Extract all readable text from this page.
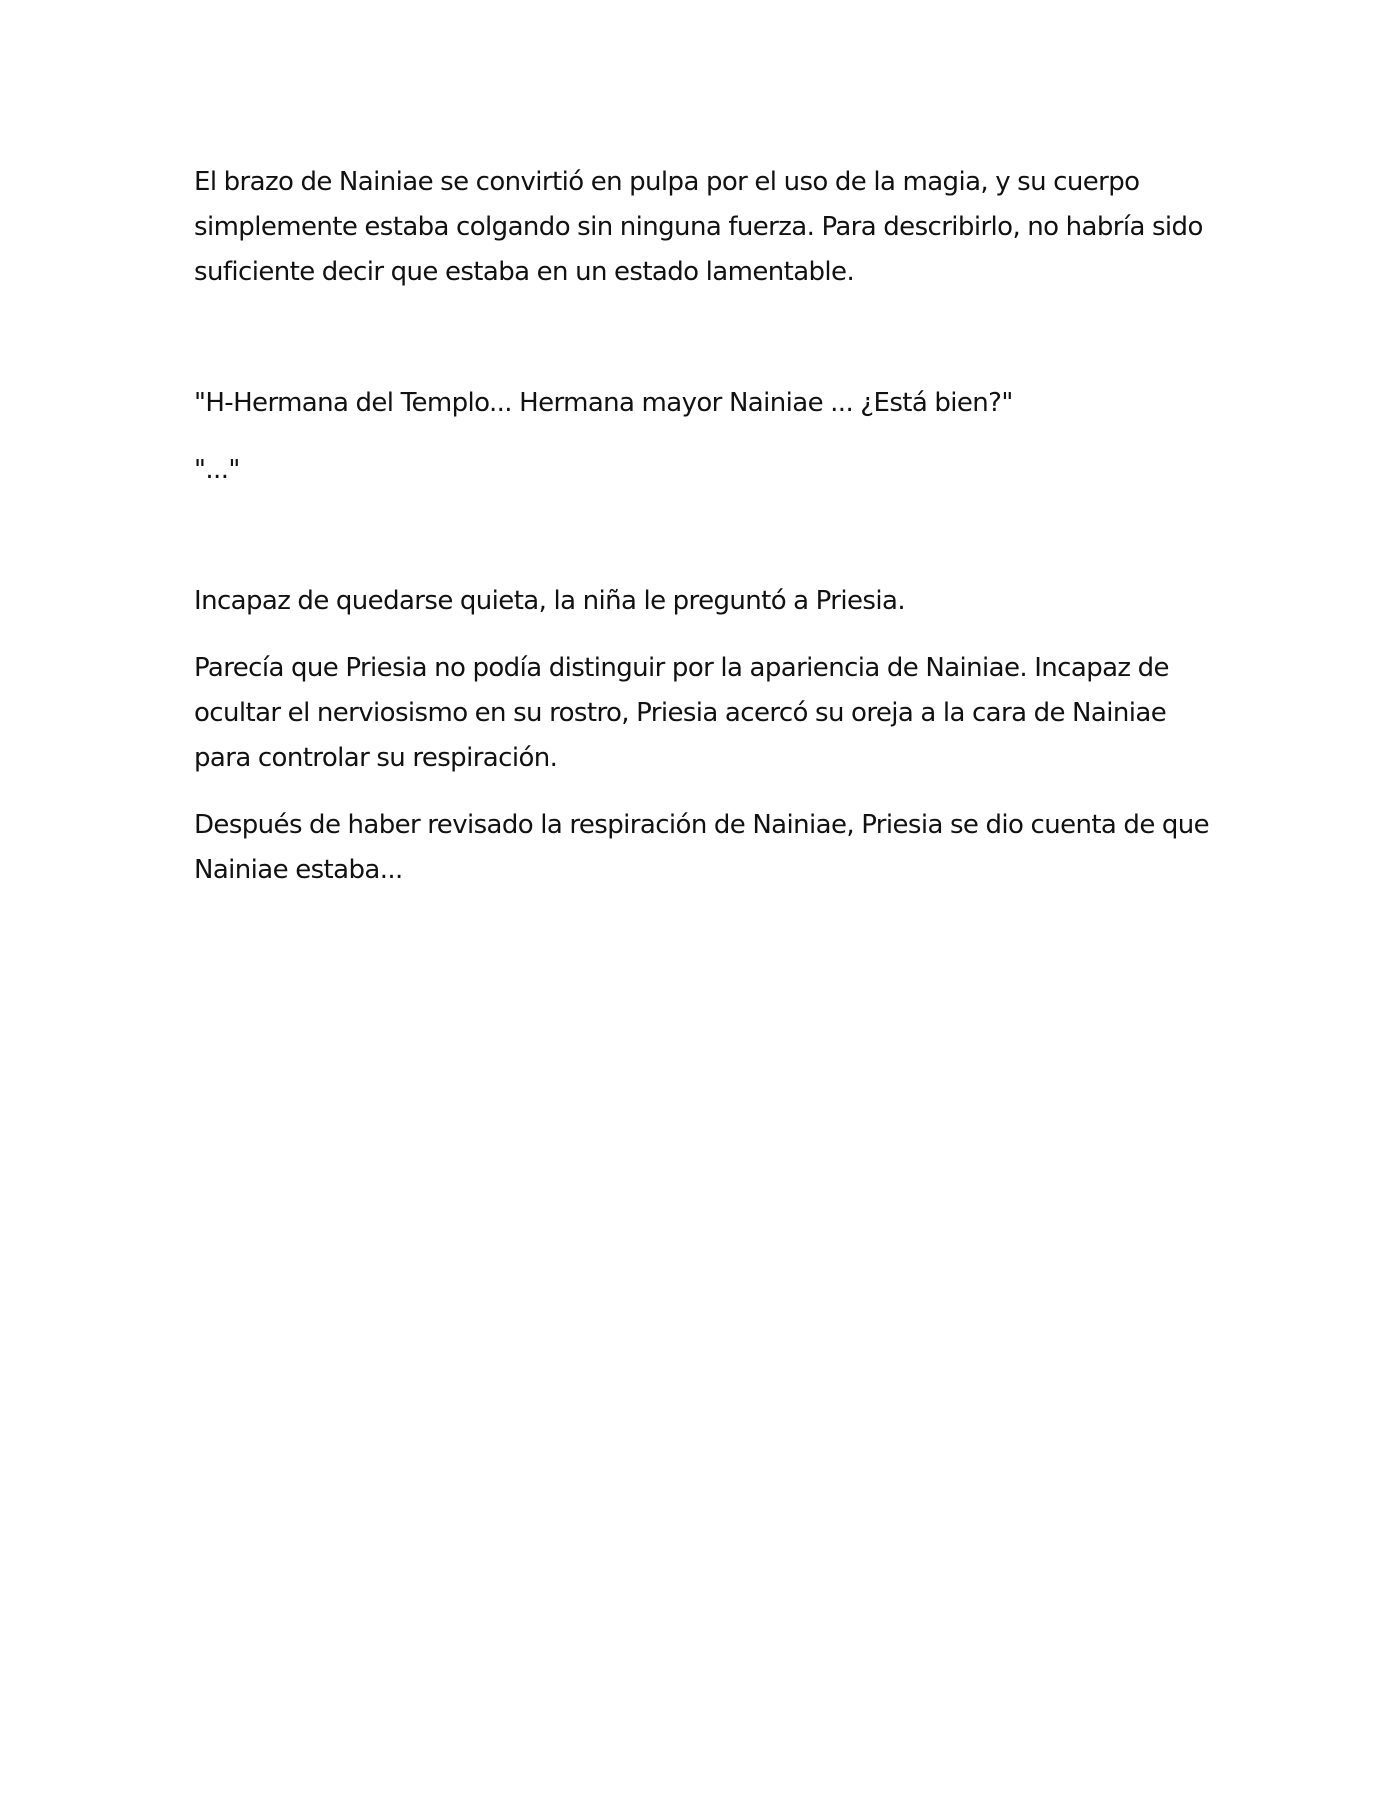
El brazo de Nainiae se convirtió en pulpa por el uso de la magia, y su cuerpo simplemente estaba colgando sin ninguna fuerza. Para describirlo, no habría sido suficiente decir que estaba en un estado lamentable.

"H-Hermana del Templo... Hermana mayor Nainiae ... ¿Está bien?"

"..."

Incapaz de quedarse quieta, la niña le preguntó a Priesia.

Parecía que Priesia no podía distinguir por la apariencia de Nainiae. Incapaz de ocultar el nerviosismo en su rostro, Priesia acercó su oreja a la cara de Nainiae para controlar su respiración.

Después de haber revisado la respiración de Nainiae, Priesia se dio cuenta de que Nainiae estaba...
